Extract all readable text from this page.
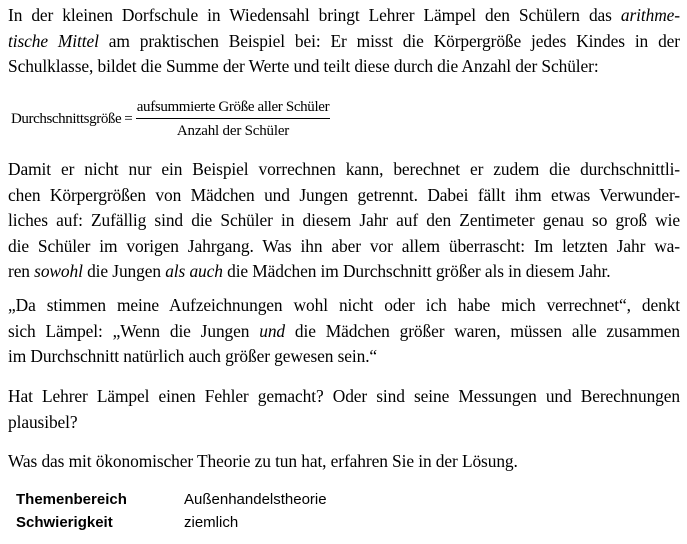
In der kleinen Dorfschule in Wiedensahl bringt Lehrer Lämpel den Schülern das arithme-
tische Mittel am praktischen Beispiel bei: Er misst die Körpergröße jedes Kindes in der
Schulklasse, bildet die Summe der Werte und teilt diese durch die Anzahl der Schüler:
Durchschnittsgröße = $\frac{\text{aufsummierte Größe aller Schüler}}{\text{Anzahl der Schüler}}$
Damit er nicht nur ein Beispiel vorrechnen kann, berechnet er zudem die durchschnittli-
chen Körpergrößen von Mädchen und Jungen getrennt. Dabei fällt ihm etwas Verwunder-
liches auf: Zufällig sind die Schüler in diesem Jahr auf den Zentimeter genau so groß wie
die Schüler im vorigen Jahrgang. Was ihn aber vor allem überrascht: Im letzten Jahr wa-
ren sowohl die Jungen als auch die Mädchen im Durchschnitt größer als in diesem Jahr.
„Da stimmen meine Aufzeichnungen wohl nicht oder ich habe mich verrechnet“, denkt
sich Lämpel: „Wenn die Jungen und die Mädchen größer waren, müssen alle zusammen
im Durchschnitt natürlich auch größer gewesen sein.“
Hat Lehrer Lämpel einen Fehler gemacht? Oder sind seine Messungen und Berechnungen
plausibel?
Was das mit ökonomischer Theorie zu tun hat, erfahren Sie in der Lösung.
Themenbereich	Außenhandelstheorie
Schwierigkeit	ziemlich
